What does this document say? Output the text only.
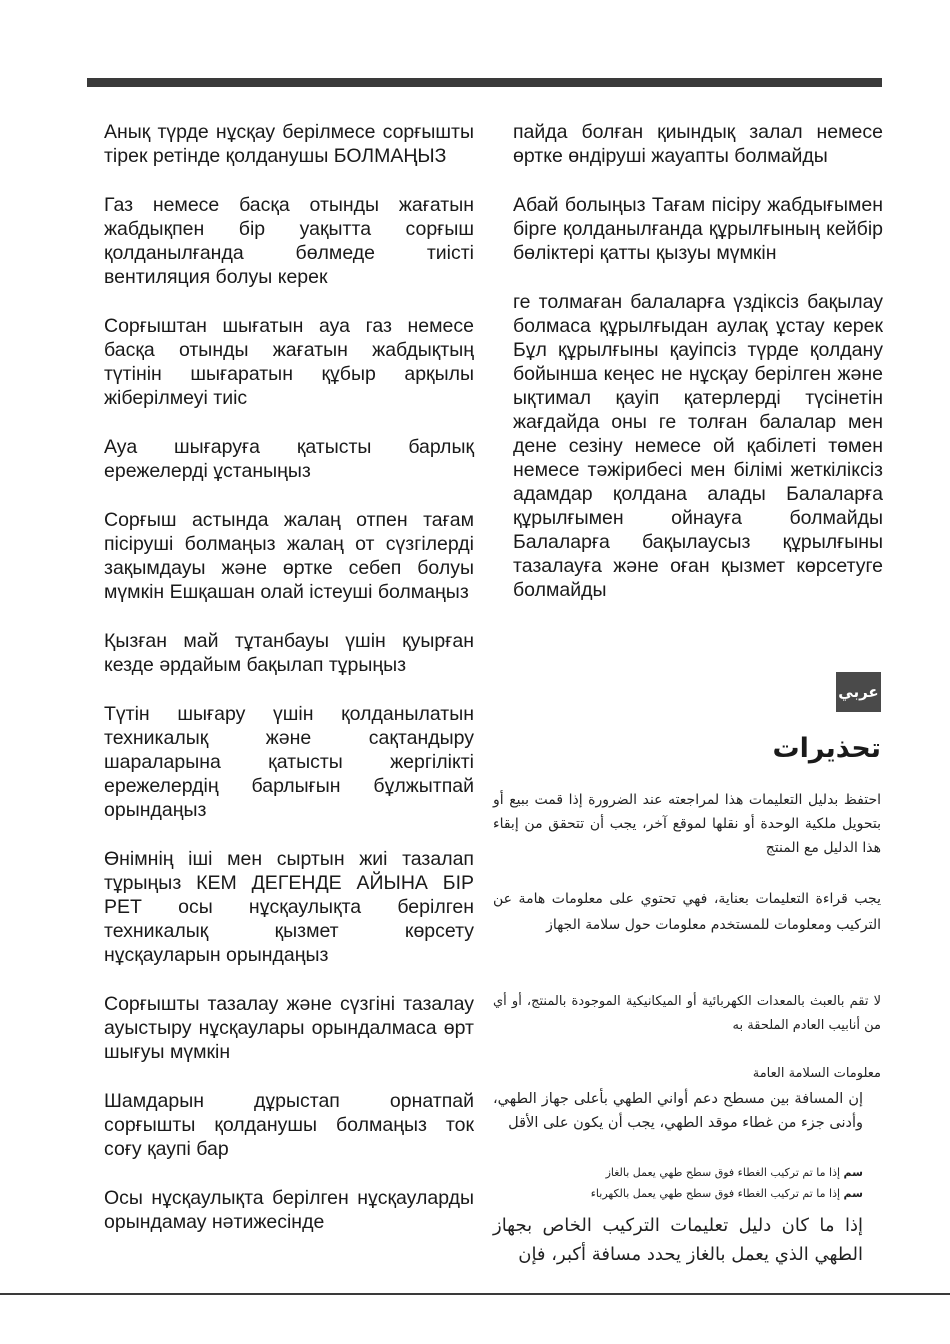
Анық түрде нұсқау берілмесе сорғышты тірек ретінде қолданушы БОЛМАҢЫЗ

Газ немесе басқа отынды жағатын жабдықпен бір уақытта сорғыш қолданылғанда бөлмеде тиісті вентиляция болуы керек

Сорғыштан шығатын ауа газ немесе басқа отынды жағатын жабдықтың түтінін шығаратын құбыр арқылы жіберілмеуі тиіс

Ауа шығаруға қатысты барлық ережелерді ұстаныңыз

Сорғыш астында жалаң отпен тағам пісіруші болмаңыз жалаң от сүзгілерді зақымдауы және өртке себеп болуы мүмкін Ешқашан олай істеуші болмаңыз

Қызған май тұтанбауы үшін қуырған кезде әрдайым бақылап тұрыңыз

Түтін шығару үшін қолданылатын техникалық және сақтандыру шараларына қатысты жергілікті ережелердің барлығын бұлжытпай орындаңыз

Өнімнің іші мен сыртын жиі тазалап тұрыңыз КЕМ ДЕГЕНДЕ АЙЫНА БІР РЕТ осы нұсқаулықта берілген техникалық қызмет көрсету нұсқауларын орындаңыз

Сорғышты тазалау және сүзгіні тазалау ауыстыру нұсқаулары орындалмаса өрт шығуы мүмкін

Шамдарын дұрыстап орнатпай сорғышты қолданушы болмаңыз ток соғу қаупі бар

Осы нұсқаулықта берілген нұсқауларды орындамау нәтижесінде

пайда болған қиындық залал немесе өртке өндіруші жауапты болмайды

Абай болыңыз Тағам пісіру жабдығымен бірге қолданылғанда құрылғының кейбір бөліктері қатты қызуы мүмкін

ге толмаған балаларға үздіксіз бақылау болмаса құрылғыдан аулақ ұстау керек Бұл құрылғыны қауіпсіз түрде қолдану бойынша кеңес не нұсқау берілген және ықтимал қауіп қатерлерді түсінетін жағдайда оны ге толған балалар мен дене сезіну немесе ой қабілеті төмен немесе тәжірибесі мен білімі жеткіліксіз адамдар қолдана алады Балаларға құрылғымен ойнауға болмайды Балаларға бақылаусыз құрылғыны тазалауға және оған қызмет көрсетуге болмайды

عربي
تحذيرات
احتفظ بدليل التعليمات هذا لمراجعته عند الضرورة إذا قمت ببيع أو بتحويل ملكية الوحدة أو نقلها لموقع آخر، يجب أن تتحقق من إبقاء هذا الدليل مع المنتج
يجب قراءة التعليمات بعناية، فهي تحتوي على معلومات هامة عن التركيب ومعلومات للمستخدم معلومات حول سلامة الجهاز
لا تقم بالعبث بالمعدات الكهربائية أو الميكانيكية الموجودة بالمنتج، أو أي من أنابيب العادم الملحقة به
معلومات السلامة العامة
إن المسافة بين مسطح دعم أواني الطهي بأعلى جهاز الطهي، وأدنى جزء من غطاء موقد الطهي، يجب أن يكون على الأقل
سم إذا ما تم تركيب الغطاء فوق سطح طهي يعمل بالغاز
سم إذا ما تم تركيب الغطاء فوق سطح طهي يعمل بالكهرباء
إذا ما كان دليل تعليمات التركيب الخاص بجهاز الطهي الذي يعمل بالغاز يحدد مسافة أكبر، فإن
